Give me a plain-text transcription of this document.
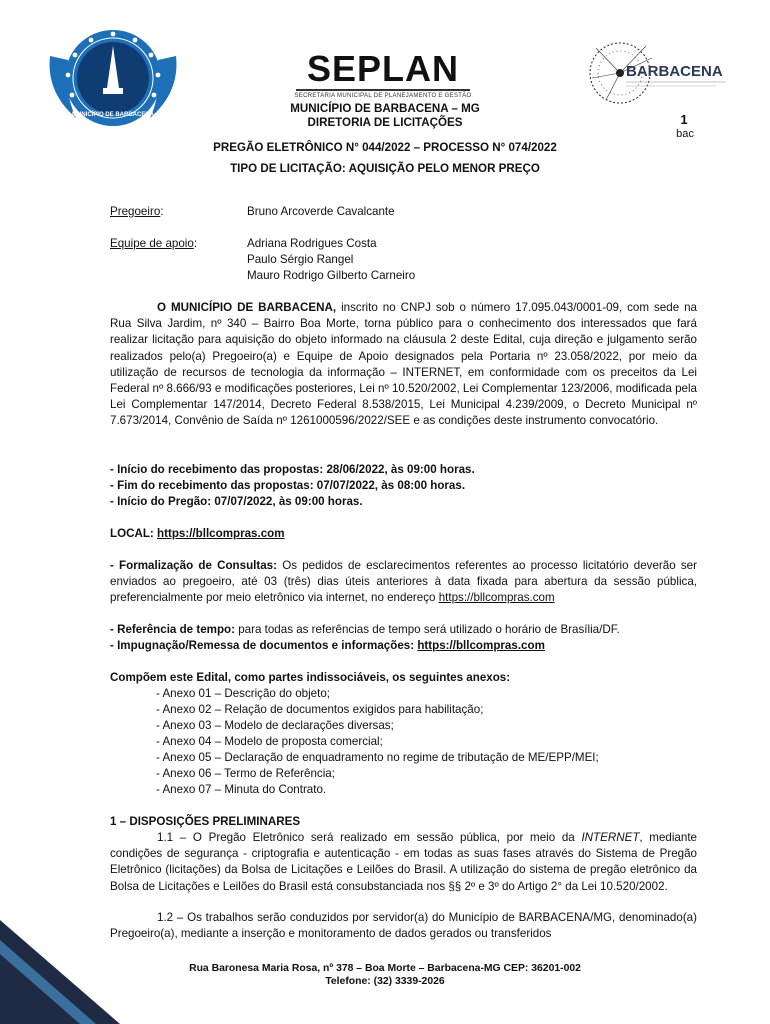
MUNICÍPIO DE BARBACENA
SEPLAN
SECRETARIA MUNICIPAL DE PLANEJAMENTO E GESTÃO
BARBACENA
MUNICÍPIO DE BARBACENA – MG
DIRETORIA DE LICITAÇÕES	1
bac
PREGÃO ELETRÔNICO N° 044/2022 – PROCESSO N° 074/2022
TIPO DE LICITAÇÃO: AQUISIÇÃO PELO MENOR PREÇO
Pregoeiro:	Bruno Arcoverde Cavalcante
Equipe de apoio:	Adriana Rodrigues Costa
Paulo Sérgio Rangel
Mauro Rodrigo Gilberto Carneiro
O MUNICÍPIO DE BARBACENA, inscrito no CNPJ sob o número 17.095.043/0001-09, com sede na Rua Silva Jardim, nº 340 – Bairro Boa Morte, torna público para o conhecimento dos interessados que fará realizar licitação para aquisição do objeto informado na cláusula 2 deste Edital, cuja direção e julgamento serão realizados pelo(a) Pregoeiro(a) e Equipe de Apoio designados pela Portaria nº 23.058/2022, por meio da utilização de recursos de tecnologia da informação – INTERNET, em conformidade com os preceitos da Lei Federal nº 8.666/93 e modificações posteriores, Lei nº 10.520/2002, Lei Complementar 123/2006, modificada pela Lei Complementar 147/2014, Decreto Federal 8.538/2015, Lei Municipal 4.239/2009, o Decreto Municipal nº 7.673/2014, Convênio de Saída nº 1261000596/2022/SEE e as condições deste instrumento convocatório.
- Início do recebimento das propostas: 28/06/2022, às 09:00 horas.
- Fim do recebimento das propostas: 07/07/2022, às 08:00 horas.
- Início do Pregão: 07/07/2022, às 09:00 horas.
LOCAL: https://bllcompras.com
- Formalização de Consultas: Os pedidos de esclarecimentos referentes ao processo licitatório deverão ser enviados ao pregoeiro, até 03 (três) dias úteis anteriores à data fixada para abertura da sessão pública, preferencialmente por meio eletrônico via internet, no endereço https://bllcompras.com
- Referência de tempo: para todas as referências de tempo será utilizado o horário de Brasília/DF.
- Impugnação/Remessa de documentos e informações: https://bllcompras.com
Compõem este Edital, como partes indissociáveis, os seguintes anexos:
- Anexo 01 – Descrição do objeto;
- Anexo 02 – Relação de documentos exigidos para habilitação;
- Anexo 03 – Modelo de declarações diversas;
- Anexo 04 – Modelo de proposta comercial;
- Anexo 05 – Declaração de enquadramento no regime de tributação de ME/EPP/MEI;
- Anexo 06 – Termo de Referência;
- Anexo 07 – Minuta do Contrato.
1 – DISPOSIÇÕES PRELIMINARES
1.1 – O Pregão Eletrônico será realizado em sessão pública, por meio da INTERNET, mediante condições de segurança - criptografia e autenticação - em todas as suas fases através do Sistema de Pregão Eletrônico (licitações) da Bolsa de Licitações e Leilões do Brasil. A utilização do sistema de pregão eletrônico da Bolsa de Licitações e Leilões do Brasil está consubstanciada nos §§ 2º e 3º do Artigo 2° da Lei 10.520/2002.
1.2 – Os trabalhos serão conduzidos por servidor(a) do Município de BARBACENA/MG, denominado(a) Pregoeiro(a), mediante a inserção e monitoramento de dados gerados ou transferidos
Rua Baronesa Maria Rosa, nº 378 – Boa Morte – Barbacena-MG CEP: 36201-002
Telefone: (32) 3339-2026
